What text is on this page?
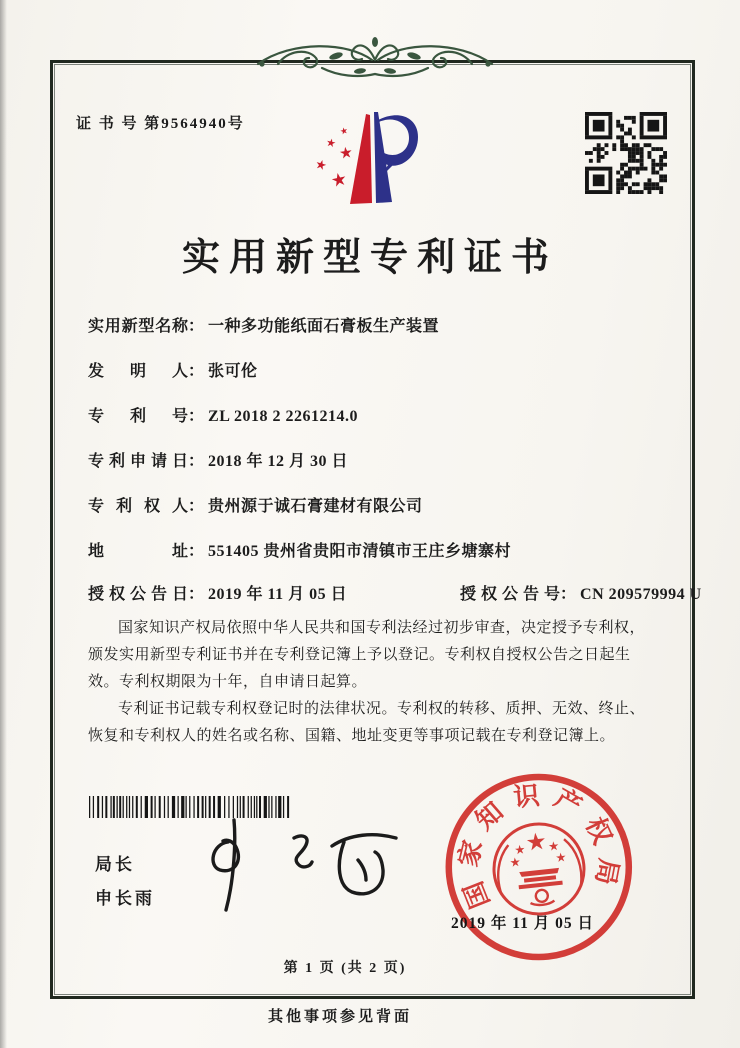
证 书 号 第9564940号
实用新型专利证书
实用新型名称： 一种多功能纸面石膏板生产装置
发明人： 张可伦
专利号： ZL 2018 2 2261214.0
专利申请日： 2018 年 12 月 30 日
专利权人： 贵州源于诚石膏建材有限公司
地址： 551405 贵州省贵阳市清镇市王庄乡塘寨村
授权公告日： 2019 年 11 月 05 日	授权公告号： CN 209579994 U

国家知识产权局依照中华人民共和国专利法经过初步审查，决定授予专利权，颁发实用新型专利证书并在专利登记簿上予以登记。专利权自授权公告之日起生效。专利权期限为十年，自申请日起算。

专利证书记载专利权登记时的法律状况。专利权的转移、质押、无效、终止、恢复和专利权人的姓名或名称、国籍、地址变更等事项记载在专利登记簿上。

局长
申长雨	国家知识产权局
2019 年 11 月 05 日
第 1 页 (共 2 页)
其他事项参见背面
